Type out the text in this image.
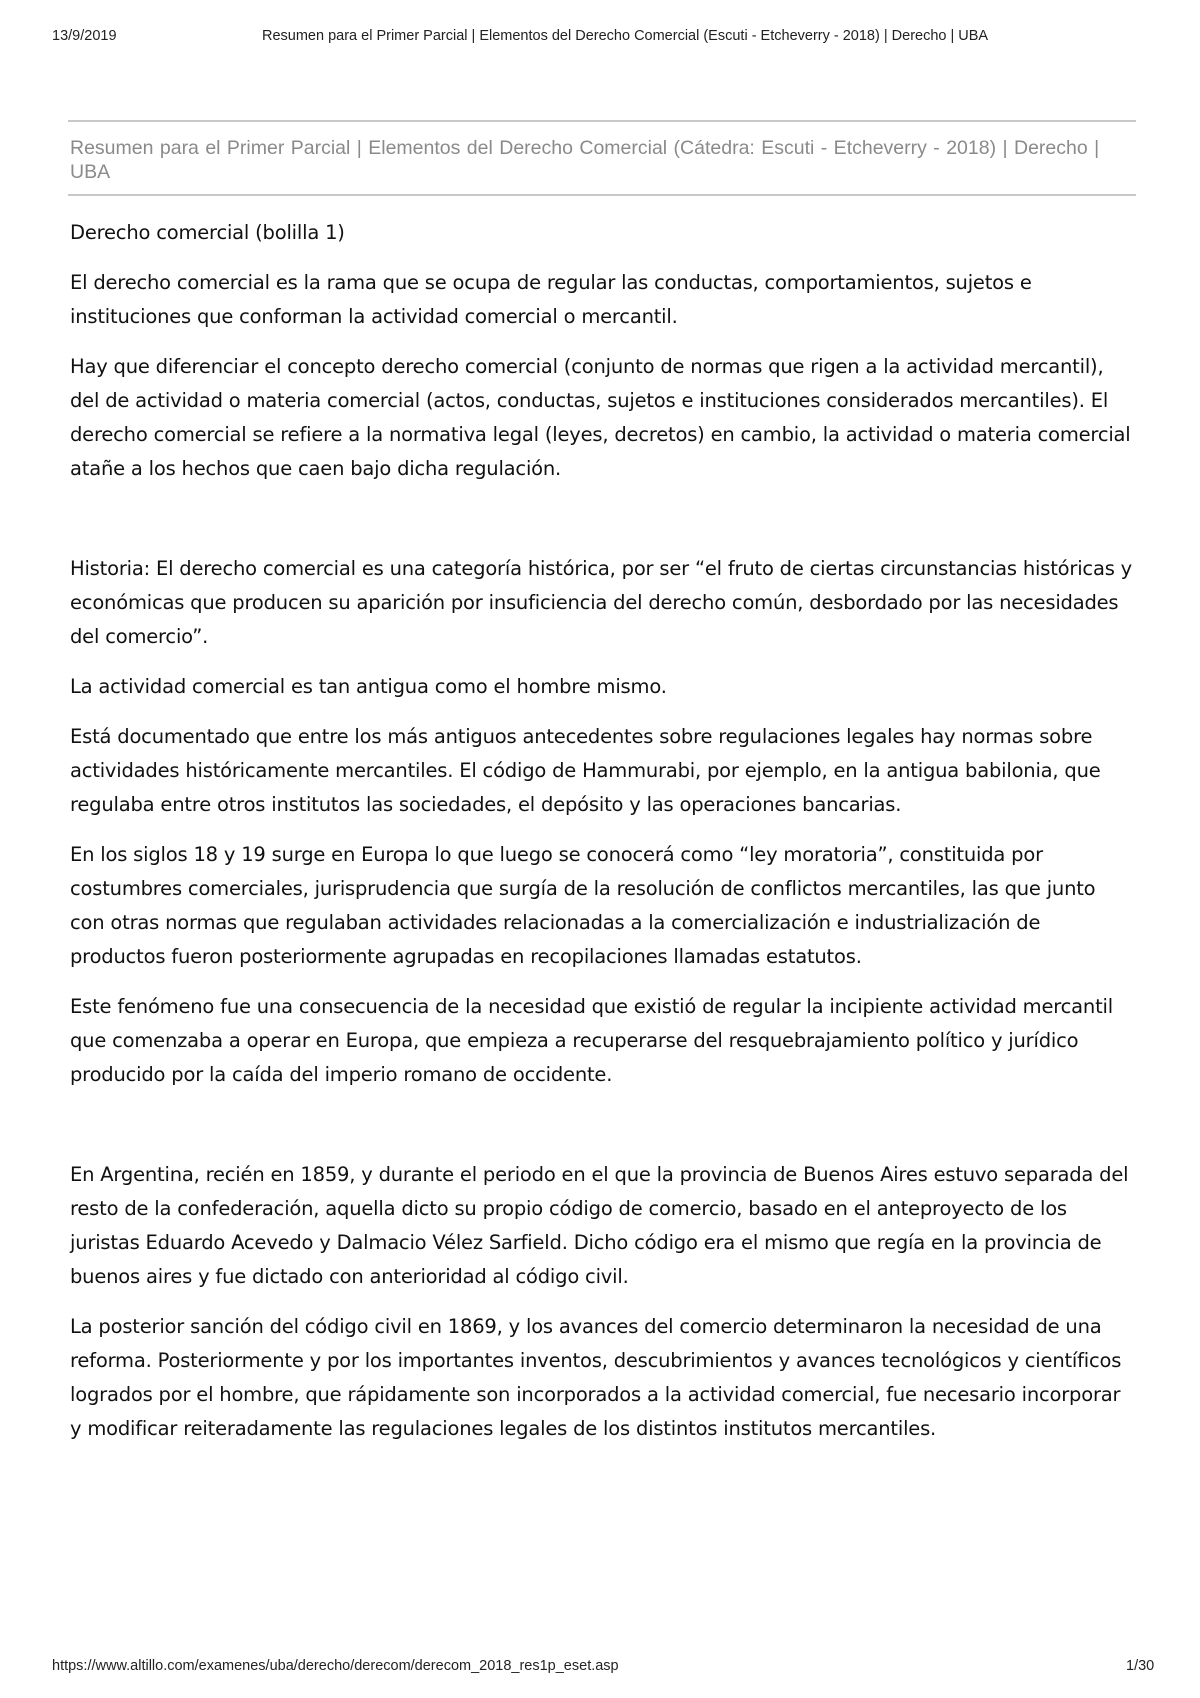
13/9/2019	Resumen para el Primer Parcial | Elementos del Derecho Comercial (Escuti - Etcheverry - 2018) | Derecho | UBA
Resumen para el Primer Parcial | Elementos del Derecho Comercial (Cátedra: Escuti - Etcheverry - 2018) | Derecho | UBA

Derecho comercial (bolilla 1)

El derecho comercial es la rama que se ocupa de regular las conductas, comportamientos, sujetos e instituciones que conforman la actividad comercial o mercantil.

Hay que diferenciar el concepto derecho comercial (conjunto de normas que rigen a la actividad mercantil), del de actividad o materia comercial (actos, conductas, sujetos e instituciones considerados mercantiles). El derecho comercial se refiere a la normativa legal (leyes, decretos) en cambio, la actividad o materia comercial atañe a los hechos que caen bajo dicha regulación.

Historia: El derecho comercial es una categoría histórica, por ser “el fruto de ciertas circunstancias históricas y económicas que producen su aparición por insuficiencia del derecho común, desbordado por las necesidades del comercio”.

La actividad comercial es tan antigua como el hombre mismo.

Está documentado que entre los más antiguos antecedentes sobre regulaciones legales hay normas sobre actividades históricamente mercantiles. El código de Hammurabi, por ejemplo, en la antigua babilonia, que regulaba entre otros institutos las sociedades, el depósito y las operaciones bancarias.

En los siglos 18 y 19 surge en Europa lo que luego se conocerá como “ley moratoria”, constituida por costumbres comerciales, jurisprudencia que surgía de la resolución de conflictos mercantiles, las que junto con otras normas que regulaban actividades relacionadas a la comercialización e industrialización de productos fueron posteriormente agrupadas en recopilaciones llamadas estatutos.

Este fenómeno fue una consecuencia de la necesidad que existió de regular la incipiente actividad mercantil que comenzaba a operar en Europa, que empieza a recuperarse del resquebrajamiento político y jurídico producido por la caída del imperio romano de occidente.

En Argentina, recién en 1859, y durante el periodo en el que la provincia de Buenos Aires estuvo separada del resto de la confederación, aquella dicto su propio código de comercio, basado en el anteproyecto de los juristas Eduardo Acevedo y Dalmacio Vélez Sarfield. Dicho código era el mismo que regía en la provincia de buenos aires y fue dictado con anterioridad al código civil.

La posterior sanción del código civil en 1869, y los avances del comercio determinaron la necesidad de una reforma. Posteriormente y por los importantes inventos, descubrimientos y avances tecnológicos y científicos logrados por el hombre, que rápidamente son incorporados a la actividad comercial, fue necesario incorporar y modificar reiteradamente las regulaciones legales de los distintos institutos mercantiles.

https://www.altillo.com/examenes/uba/derecho/derecom/derecom_2018_res1p_eset.asp	1/30
